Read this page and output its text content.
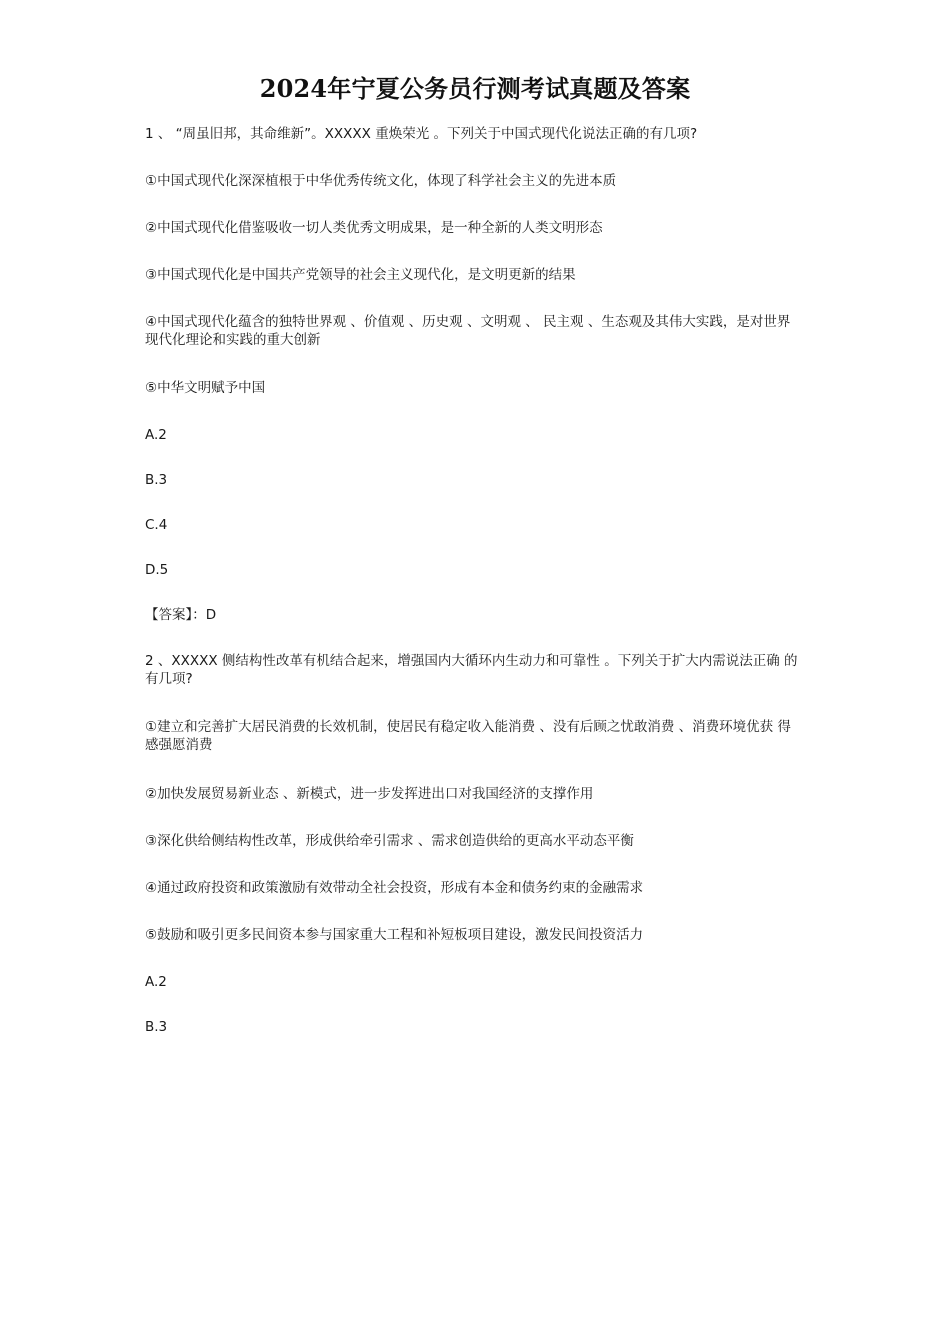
2024年宁夏公务员行测考试真题及答案
1 、 “周虽旧邦，其命维新”。XXXXX 重焕荣光 。下列关于中国式现代化说法正确的有几项?
①中国式现代化深深植根于中华优秀传统文化，体现了科学社会主义的先进本质
②中国式现代化借鉴吸收一切人类优秀文明成果，是一种全新的人类文明形态
③中国式现代化是中国共产党领导的社会主义现代化，是文明更新的结果
④中国式现代化蕴含的独特世界观 、价值观 、历史观 、文明观 、 民主观 、生态观及其伟大实践，是对世界 现代化理论和实践的重大创新
⑤中华文明赋予中国
A.2
B.3
C.4
D.5
【答案】：D
2 、XXXXX 侧结构性改革有机结合起来，增强国内大循环内生动力和可靠性 。下列关于扩大内需说法正确 的有几项?
①建立和完善扩大居民消费的长效机制，使居民有稳定收入能消费 、没有后顾之忧敢消费 、消费环境优获 得感强愿消费
②加快发展贸易新业态 、新模式，进一步发挥进出口对我国经济的支撑作用
③深化供给侧结构性改革，形成供给牵引需求 、需求创造供给的更高水平动态平衡
④通过政府投资和政策激励有效带动全社会投资，形成有本金和债务约束的金融需求
⑤鼓励和吸引更多民间资本参与国家重大工程和补短板项目建设，激发民间投资活力
A.2
B.3
